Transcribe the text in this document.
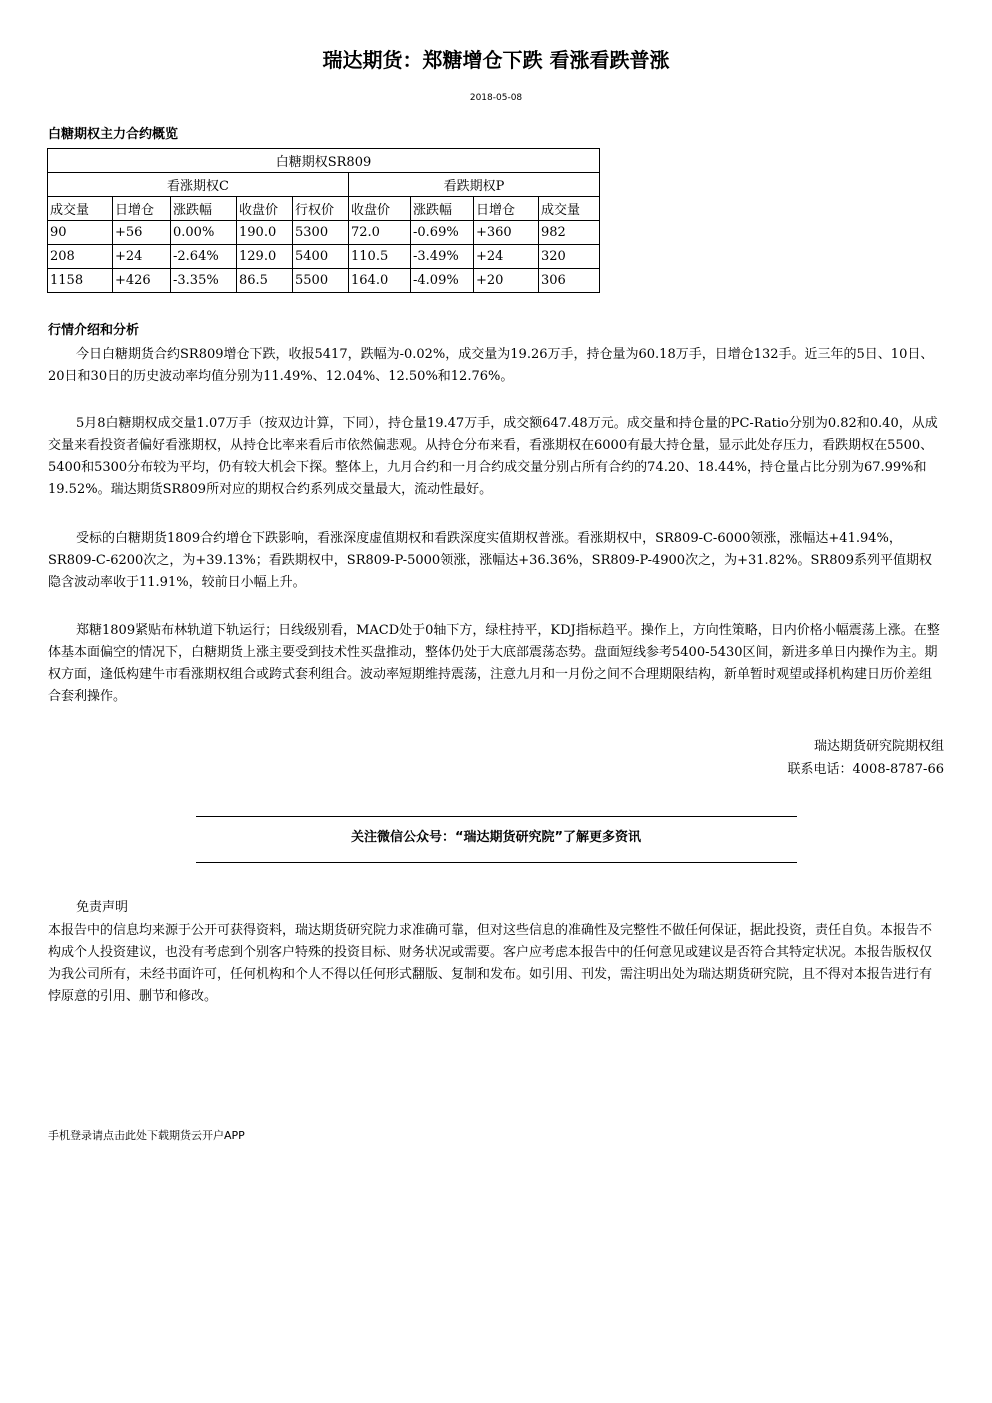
瑞达期货：郑糖增仓下跌 看涨看跌普涨
2018-05-08
白糖期权主力合约概览
白糖期权SR809								
看涨期权C					看跌期权P			
成交量	日增仓	涨跌幅	收盘价	行权价	收盘价	涨跌幅	日增仓	成交量
90	+56	0.00%	190.0	5300	72.0	-0.69%	+360	982
208	+24	-2.64%	129.0	5400	110.5	-3.49%	+24	320
1158	+426	-3.35%	86.5	5500	164.0	-4.09%	+20	306
行情介绍和分析

今日白糖期货合约SR809增仓下跌，收报5417，跌幅为-0.02%，成交量为19.26万手，持仓量为60.18万手，日增仓132手。近三年的5日、10日、20日和30日的历史波动率均值分别为11.49%、12.04%、12.50%和12.76%。

5月8白糖期权成交量1.07万手（按双边计算，下同），持仓量19.47万手，成交额647.48万元。成交量和持仓量的PC-Ratio分别为0.82和0.40，从成交量来看投资者偏好看涨期权，从持仓比率来看后市依然偏悲观。从持仓分布来看，看涨期权在6000有最大持仓量，显示此处存压力，看跌期权在5500、5400和5300分布较为平均，仍有较大机会下探。整体上，九月合约和一月合约成交量分别占所有合约的74.20、18.44%，持仓量占比分别为67.99%和19.52%。瑞达期货SR809所对应的期权合约系列成交量最大，流动性最好。

受标的白糖期货1809合约增仓下跌影响，看涨深度虚值期权和看跌深度实值期权普涨。看涨期权中，SR809-C-6000领涨，涨幅达+41.94%，SR809-C-6200次之，为+39.13%；看跌期权中，SR809-P-5000领涨，涨幅达+36.36%，SR809-P-4900次之，为+31.82%。SR809系列平值期权隐含波动率收于11.91%，较前日小幅上升。

郑糖1809紧贴布林轨道下轨运行；日线级别看，MACD处于0轴下方，绿柱持平，KDJ指标趋平。操作上，方向性策略，日内价格小幅震荡上涨。在整体基本面偏空的情况下，白糖期货上涨主要受到技术性买盘推动，整体仍处于大底部震荡态势。盘面短线参考5400-5430区间，新进多单日内操作为主。期权方面，逢低构建牛市看涨期权组合或跨式套利组合。波动率短期维持震荡，注意九月和一月份之间不合理期限结构，新单暂时观望或择机构建日历价差组合套利操作。

瑞达期货研究院期权组
联系电话：4008-8787-66
关注微信公众号：“瑞达期货研究院”了解更多资讯
免责声明

本报告中的信息均来源于公开可获得资料，瑞达期货研究院力求准确可靠，但对这些信息的准确性及完整性不做任何保证，据此投资，责任自负。本报告不构成个人投资建议，也没有考虑到个别客户特殊的投资目标、财务状况或需要。客户应考虑本报告中的任何意见或建议是否符合其特定状况。本报告版权仅为我公司所有，未经书面许可，任何机构和个人不得以任何形式翻版、复制和发布。如引用、刊发，需注明出处为瑞达期货研究院，且不得对本报告进行有悖原意的引用、删节和修改。

手机登录请点击此处下载期货云开户APP
